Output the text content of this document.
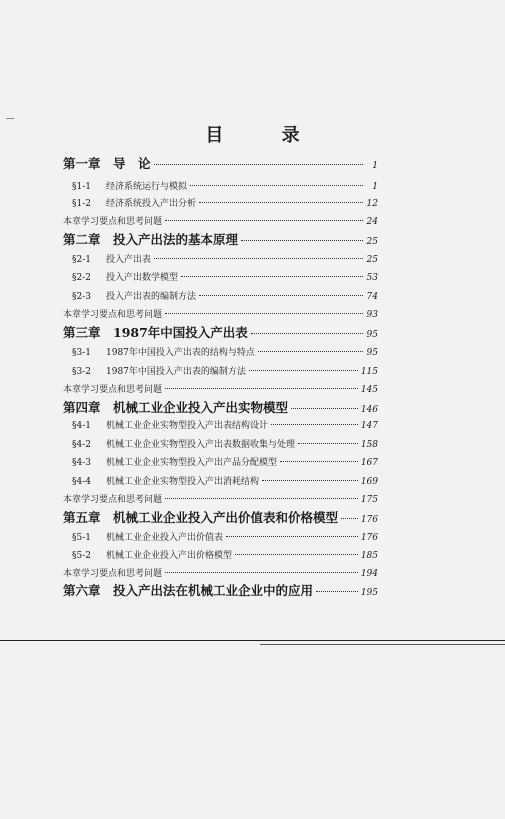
目 录
第一章　导　论	1
§1-1 经济系统运行与模拟	1
§1-2 经济系统投入产出分析	12
本章学习要点和思考问题	24
第二章　投入产出法的基本原理	25
§2-1 投入产出表	25
§2-2 投入产出数学模型	53
§2-3 投入产出表的编制方法	74
本章学习要点和思考问题	93
第三章　1987年中国投入产出表	95
§3-1 1987年中国投入产出表的结构与特点	95
§3-2 1987年中国投入产出表的编制方法	115
本章学习要点和思考问题	145
第四章　机械工业企业投入产出实物模型	146
§4-1 机械工业企业实物型投入产出表结构设计	147
§4-2 机械工业企业实物型投入产出表数据收集与处理	158
§4-3 机械工业企业实物型投入产出产品分配模型	167
§4-4 机械工业企业实物型投入产出消耗结构	169
本章学习要点和思考问题	175
第五章　机械工业企业投入产出价值表和价格模型	176
§5-1 机械工业企业投入产出价值表	176
§5-2 机械工业企业投入产出价格模型	185
本章学习要点和思考问题	194
第六章　投入产出法在机械工业企业中的应用	195
